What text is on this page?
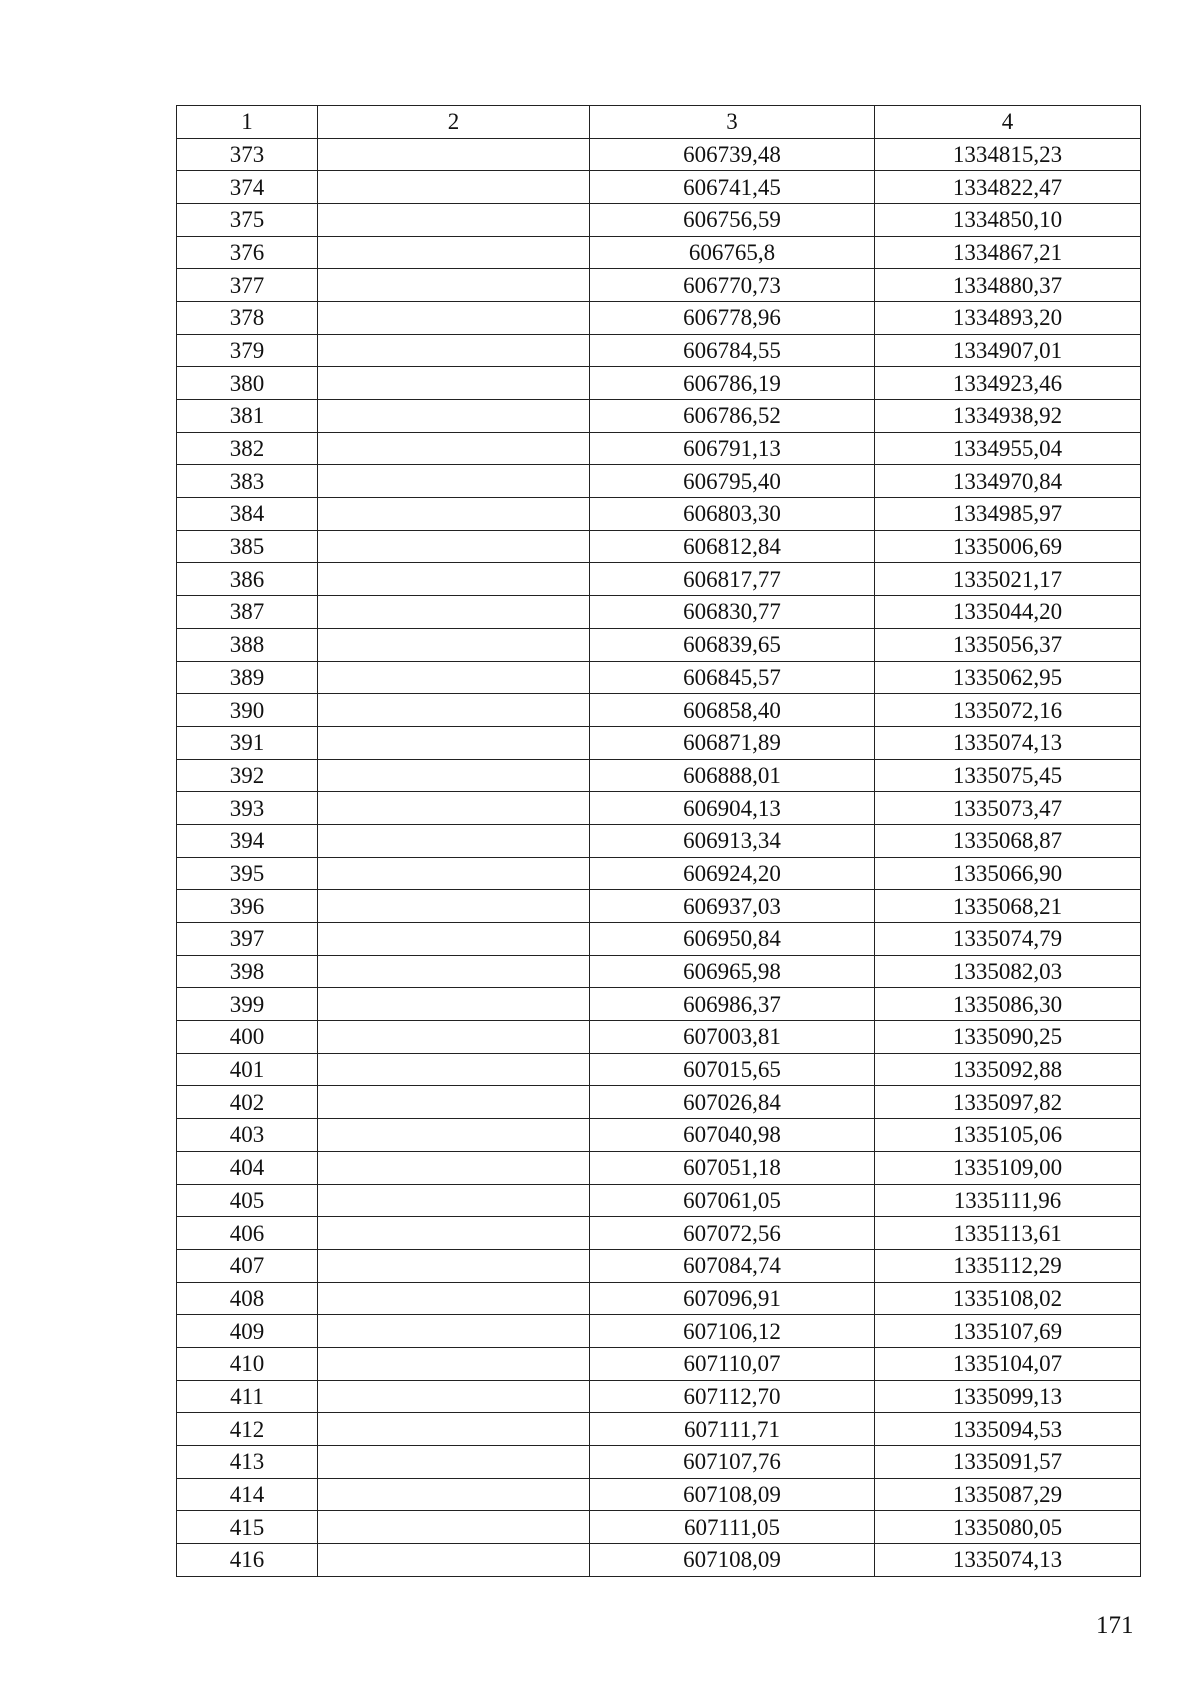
1	2	3	4
373		606739,48	1334815,23
374		606741,45	1334822,47
375		606756,59	1334850,10
376		606765,8	1334867,21
377		606770,73	1334880,37
378		606778,96	1334893,20
379		606784,55	1334907,01
380		606786,19	1334923,46
381		606786,52	1334938,92
382		606791,13	1334955,04
383		606795,40	1334970,84
384		606803,30	1334985,97
385		606812,84	1335006,69
386		606817,77	1335021,17
387		606830,77	1335044,20
388		606839,65	1335056,37
389		606845,57	1335062,95
390		606858,40	1335072,16
391		606871,89	1335074,13
392		606888,01	1335075,45
393		606904,13	1335073,47
394		606913,34	1335068,87
395		606924,20	1335066,90
396		606937,03	1335068,21
397		606950,84	1335074,79
398		606965,98	1335082,03
399		606986,37	1335086,30
400		607003,81	1335090,25
401		607015,65	1335092,88
402		607026,84	1335097,82
403		607040,98	1335105,06
404		607051,18	1335109,00
405		607061,05	1335111,96
406		607072,56	1335113,61
407		607084,74	1335112,29
408		607096,91	1335108,02
409		607106,12	1335107,69
410		607110,07	1335104,07
411		607112,70	1335099,13
412		607111,71	1335094,53
413		607107,76	1335091,57
414		607108,09	1335087,29
415		607111,05	1335080,05
416		607108,09	1335074,13
171
